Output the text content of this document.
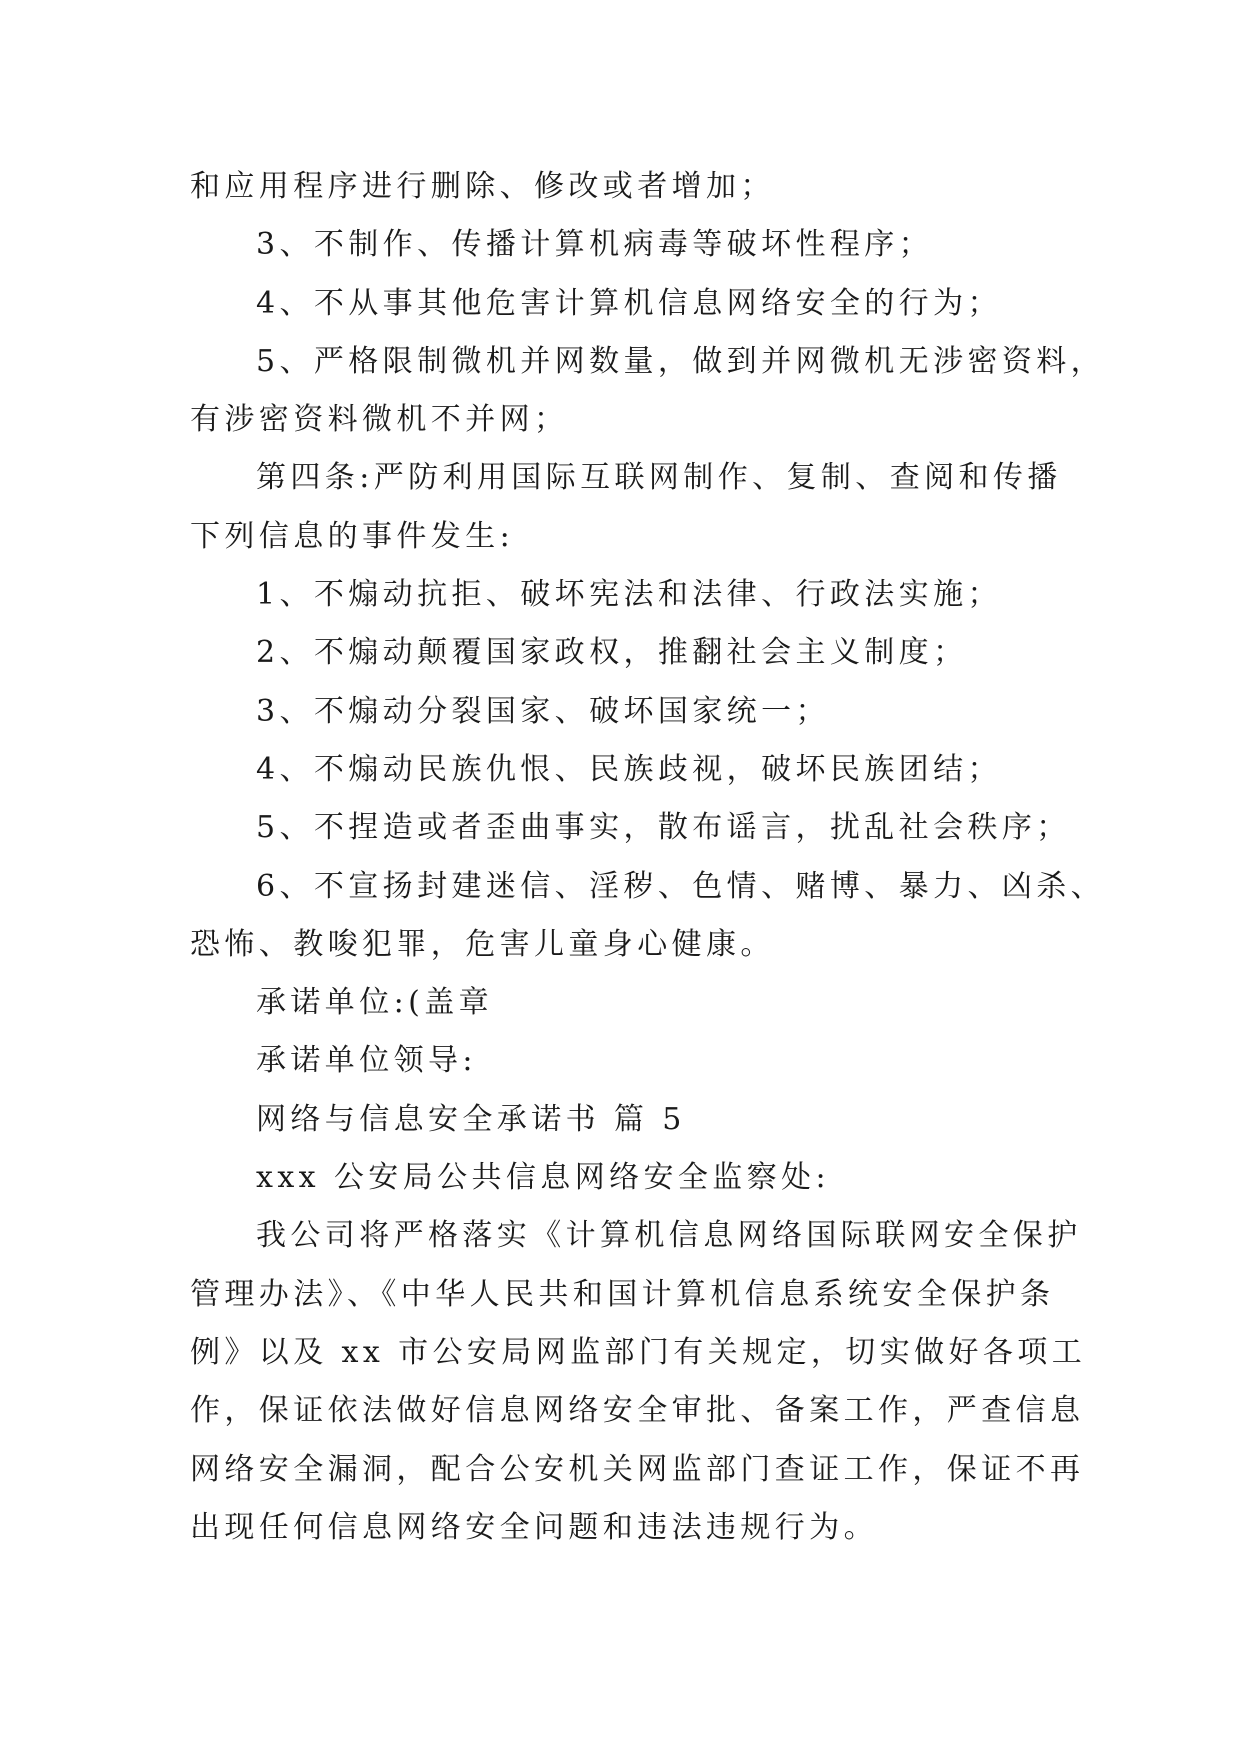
和应用程序进行删除、修改或者增加；
3、不制作、传播计算机病毒等破坏性程序；
4、不从事其他危害计算机信息网络安全的行为；
5、严格限制微机并网数量，做到并网微机无涉密资料，
有涉密资料微机不并网；
第四条:严防利用国际互联网制作、复制、查阅和传播
下列信息的事件发生:
1、不煽动抗拒、破坏宪法和法律、行政法实施；
2、不煽动颠覆国家政权，推翻社会主义制度；
3、不煽动分裂国家、破坏国家统一；
4、不煽动民族仇恨、民族歧视，破坏民族团结；
5、不捏造或者歪曲事实，散布谣言，扰乱社会秩序；
6、不宣扬封建迷信、淫秽、色情、赌博、暴力、凶杀、
恐怖、教唆犯罪，危害儿童身心健康。
承诺单位:(盖章
承诺单位领导:
网络与信息安全承诺书 篇 5
xxx 公安局公共信息网络安全监察处:
我公司将严格落实《计算机信息网络国际联网安全保护
管理办法》、《中华人民共和国计算机信息系统安全保护条
例》以及 xx 市公安局网监部门有关规定，切实做好各项工
作，保证依法做好信息网络安全审批、备案工作，严查信息
网络安全漏洞，配合公安机关网监部门查证工作，保证不再
出现任何信息网络安全问题和违法违规行为。
